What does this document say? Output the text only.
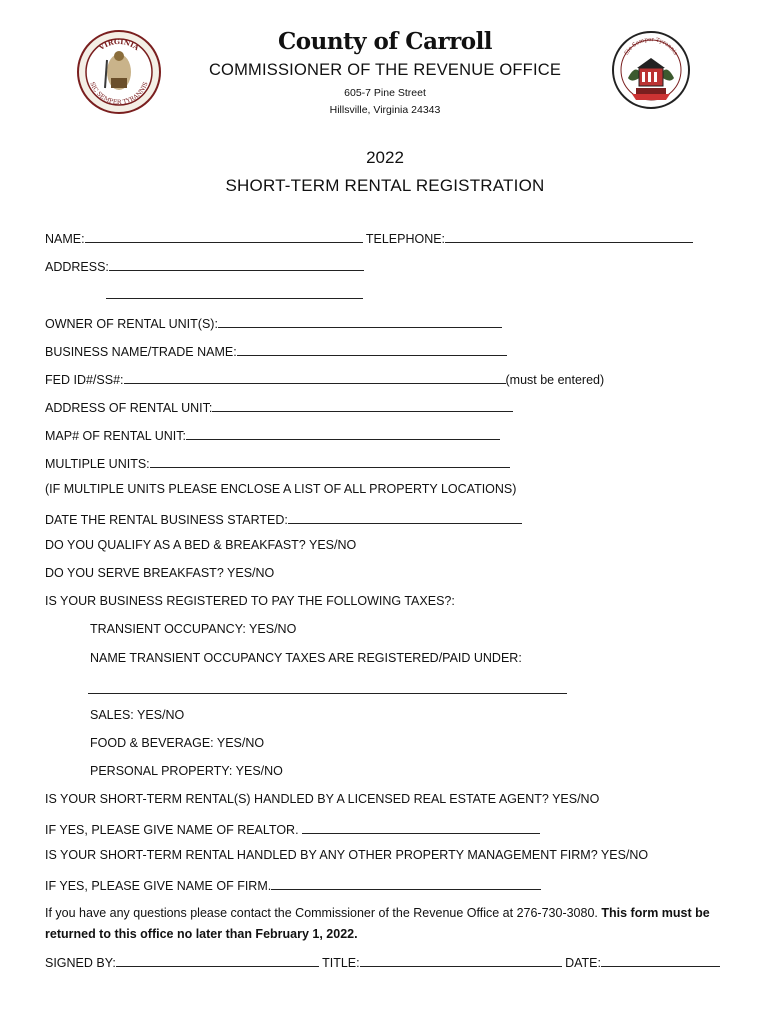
VIRGINIA
SIC SEMPER TYRANNIS
Sic Semper Tyrannis
County of Carroll
COMMISSIONER OF THE REVENUE OFFICE
605-7 Pine Street
Hillsville, Virginia 24343
2022
SHORT-TERM RENTAL REGISTRATION
NAME:	TELEPHONE:
ADDRESS:
OWNER OF RENTAL UNIT(S):
BUSINESS NAME/TRADE NAME:
FED ID#/SS#:	(must be entered)
ADDRESS OF RENTAL UNIT:
MAP# OF RENTAL UNIT:
MULTIPLE UNITS:
(IF MULTIPLE UNITS PLEASE ENCLOSE A LIST OF ALL PROPERTY LOCATIONS)
DATE THE RENTAL BUSINESS STARTED:
DO YOU QUALIFY AS A BED & BREAKFAST? YES/NO
DO YOU SERVE BREAKFAST? YES/NO
IS YOUR BUSINESS REGISTERED TO PAY THE FOLLOWING TAXES?:
TRANSIENT OCCUPANCY: YES/NO
NAME TRANSIENT OCCUPANCY TAXES ARE REGISTERED/PAID UNDER:
SALES: YES/NO
FOOD & BEVERAGE: YES/NO
PERSONAL PROPERTY: YES/NO
IS YOUR SHORT-TERM RENTAL(S) HANDLED BY A LICENSED REAL ESTATE AGENT? YES/NO
IF YES, PLEASE GIVE NAME OF REALTOR.
IS YOUR SHORT-TERM RENTAL HANDLED BY ANY OTHER PROPERTY MANAGEMENT FIRM? YES/NO
IF YES, PLEASE GIVE NAME OF FIRM.
If you have any questions please contact the Commissioner of the Revenue Office at 276-730-3080. This form must be returned to this office no later than February 1, 2022.
SIGNED BY:	TITLE:	DATE:
